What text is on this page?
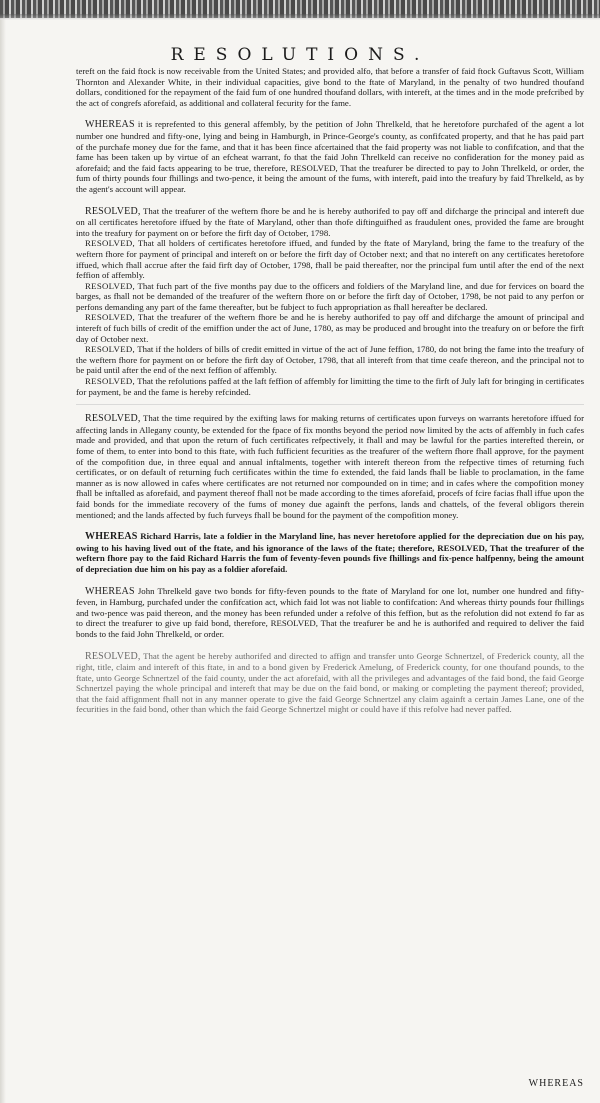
RESOLUTIONS.

tereft on the faid ftock is now receivable from the United States; and provided alfo, that before a transfer of faid ftock Guftavus Scott, William Thornton and Alexander White, in their individual capacities, give bond to the ftate of Maryland, in the penalty of two hundred thoufand dollars, conditioned for the repayment of the faid fum of one hundred thoufand dollars, with intereft, at the times and in the mode prefcribed by the act of congrefs aforefaid, as additional and collateral fecurity for the fame.

WHEREAS it is reprefented to this general affembly, by the petition of John Threlkeld, that he heretofore purchafed of the agent a lot number one hundred and fifty-one, lying and being in Hamburgh, in Prince-George's county, as confifcated property, and that he has paid part of the purchafe money due for the fame, and that it has been fince afcertained that the faid property was not liable to confifcation, and that the fame has been taken up by virtue of an efcheat warrant, fo that the faid John Threlkeld can receive no confideration for the money paid as aforefaid; and the faid facts appearing to be true, therefore, RESOLVED, That the treafurer be directed to pay to John Threlkeld, or order, the fum of thirty pounds four fhillings and two-pence, it being the amount of the fums, with intereft, paid into the treafury by faid Threlkeld, as by the agent's account will appear.

RESOLVED, That the treafurer of the weftern fhore be and he is hereby authorifed to pay off and difcharge the principal and intereft due on all certificates heretofore iffued by the ftate of Maryland, other than thofe diftinguifhed as fraudulent ones, provided the fame are brought into the treafury for payment on or before the firft day of October, 1798.

RESOLVED, That all holders of certificates heretofore iffued, and funded by the ftate of Maryland, bring the fame to the treafury of the weftern fhore for payment of principal and intereft on or before the firft day of October next; and that no intereft on any certificates heretofore iffued, which fhall accrue after the faid firft day of October, 1798, fhall be paid thereafter, nor the principal fum until after the end of the next feffion of affembly.

RESOLVED, That fuch part of the five months pay due to the officers and foldiers of the Maryland line, and due for fervices on board the barges, as fhall not be demanded of the treafurer of the weftern fhore on or before the firft day of October, 1798, be not paid to any perfon or perfons demanding any part of the fame thereafter, but be fubject to fuch appropriation as fhall hereafter be declared.

RESOLVED, That the treafurer of the weftern fhore be and he is hereby authorifed to pay off and difcharge the amount of principal and intereft of fuch bills of credit of the emiffion under the act of June, 1780, as may be produced and brought into the treafury on or before the firft day of October next.

RESOLVED, That if the holders of bills of credit emitted in virtue of the act of June feffion, 1780, do not bring the fame into the treafury of the weftern fhore for payment on or before the firft day of October, 1798, that all intereft from that time ceafe thereon, and the principal not to be paid until after the end of the next feffion of affembly.

RESOLVED, That the refolutions paffed at the laft feffion of affembly for limitting the time to the firft of July laft for bringing in certificates for payment, be and the fame is hereby refcinded.

RESOLVED, That the time required by the exifting laws for making returns of certificates upon furveys on warrants heretofore iffued for affecting lands in Allegany county, be extended for the fpace of fix months beyond the period now limited by the acts of affembly in fuch cafes made and provided, and that upon the return of fuch certificates refpectively, it fhall and may be lawful for the parties interefted therein, or fome of them, to enter into bond to this ftate, with fuch fufficient fecurities as the treafurer of the weftern fhore fhall approve, for the payment of the compofition due, in three equal and annual inftalments, together with intereft thereon from the refpective times of returning fuch certificates, or on default of returning fuch certificates within the time fo extended, the faid lands fhall be liable to proclamation, in the fame manner as is now allowed in cafes where certificates are not returned nor compounded on in time; and in cafes where the compofition money fhall be inftalled as aforefaid, and payment thereof fhall not be made according to the times aforefaid, procefs of fcire facias fhall iffue upon the faid bonds for the immediate recovery of the fums of money due againft the perfons, lands and chattels, of the feveral obligors therein mentioned; and the lands affected by fuch furveys fhall be bound for the payment of the compofition money.

WHEREAS Richard Harris, late a foldier in the Maryland line, has never heretofore applied for the depreciation due on his pay, owing to his having lived out of the ftate, and his ignorance of the laws of the ftate; therefore, RESOLVED, That the treafurer of the weftern fhore pay to the faid Richard Harris the fum of feventy-feven pounds five fhillings and fix-pence halfpenny, being the amount of depreciation due him on his pay as a foldier aforefaid.

WHEREAS John Threlkeld gave two bonds for fifty-feven pounds to the ftate of Maryland for one lot, number one hundred and fifty-feven, in Hamburg, purchafed under the confifcation act, which faid lot was not liable to confifcation: And whereas thirty pounds four fhillings and two-pence was paid thereon, and the money has been refunded under a refolve of this feffion, but as the refolution did not extend fo far as to direct the treafurer to give up faid bond, therefore, RESOLVED, That the treafurer be and he is authorifed and required to deliver the faid bonds to the faid John Threlkeld, or order.

RESOLVED, That the agent be hereby authorifed and directed to affign and transfer unto George Schnertzel, of Frederick county, all the right, title, claim and intereft of this ftate, in and to a bond given by Frederick Amelung, of Frederick county, for one thoufand pounds, to the ftate, unto George Schnertzel of the faid county, under the act aforefaid, with all the privileges and advantages of the faid bond, the faid George Schnertzel paying the whole principal and intereft that may be due on the faid bond, or making or completing the payment thereof; provided, that the faid affignment fhall not in any manner operate to give the faid George Schnertzel any claim againft a certain James Lane, one of the fecurities in the faid bond, other than which the faid George Schnertzel might or could have if this refolve had never paffed.

WHEREAS
